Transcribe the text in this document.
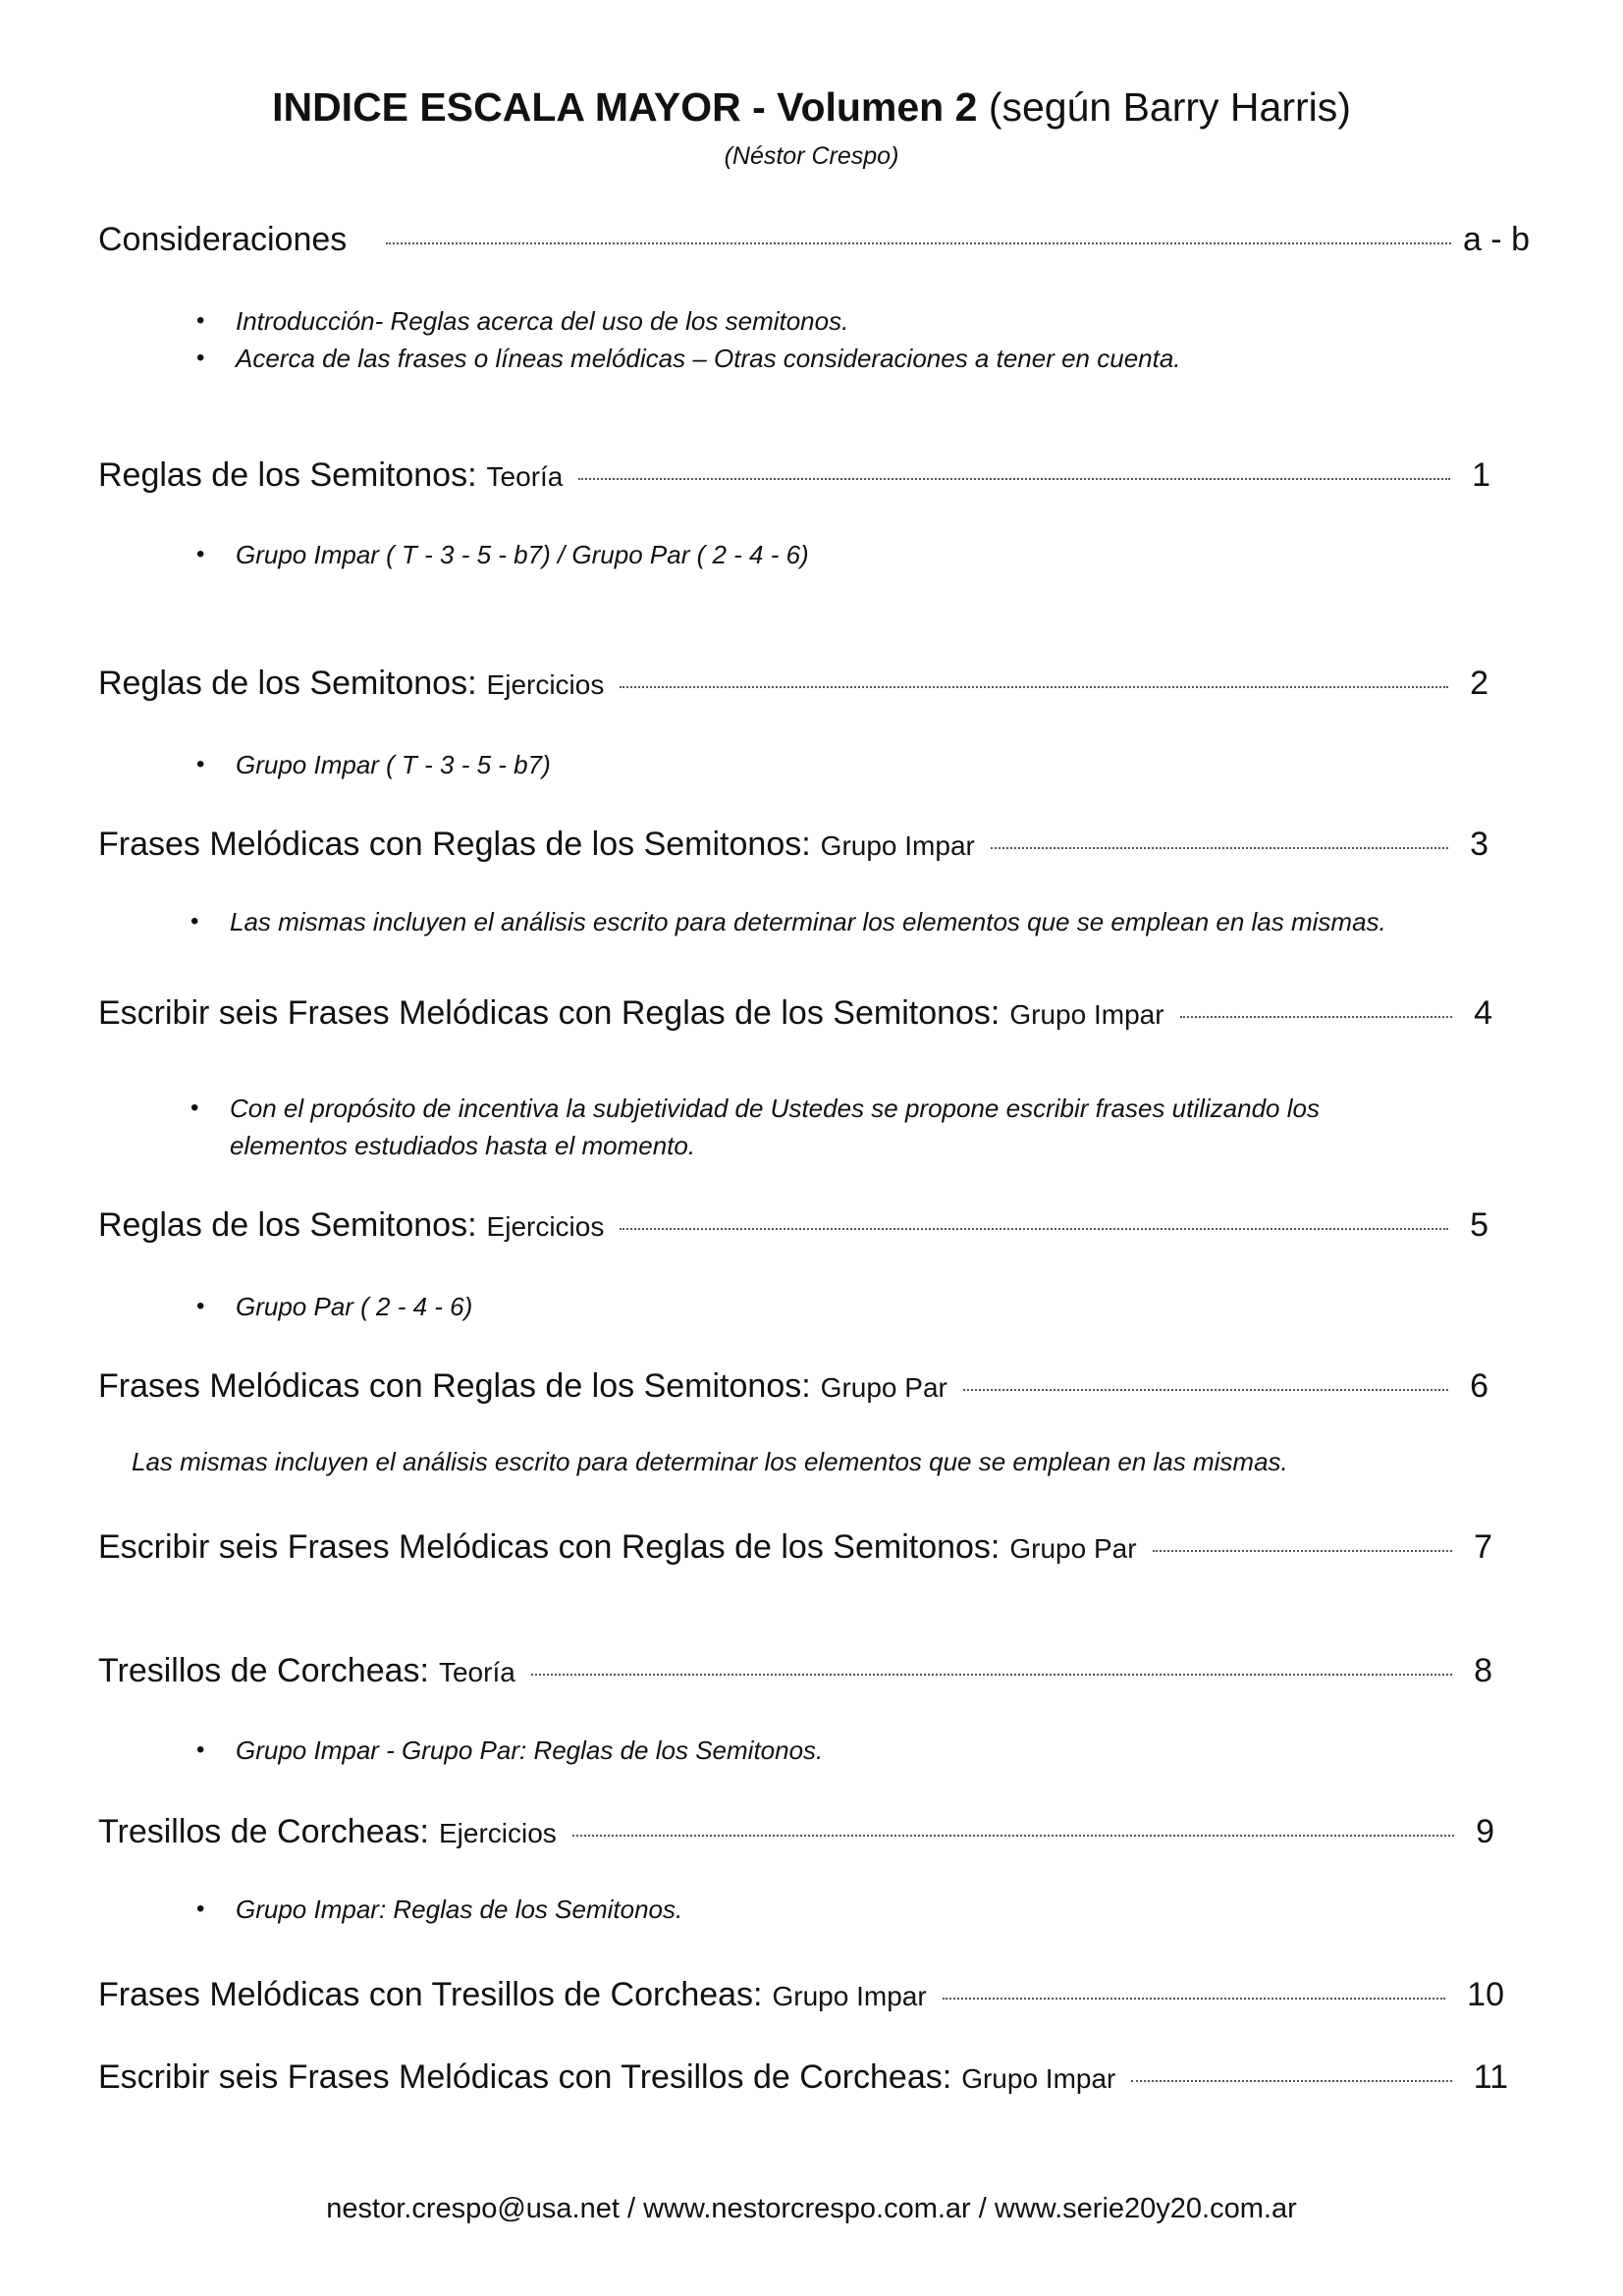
INDICE ESCALA MAYOR - Volumen 2 (según Barry Harris)
(Néstor Crespo)
Consideraciones	a - b
• Introducción- Reglas acerca del uso de los semitonos.
• Acerca de las frases o líneas melódicas – Otras consideraciones a tener en cuenta.
Reglas de los Semitonos: Teoría	1
• Grupo Impar ( T - 3 - 5 - b7) / Grupo Par ( 2 - 4 - 6)
Reglas de los Semitonos: Ejercicios	2
• Grupo Impar ( T - 3 - 5 - b7)
Frases Melódicas con Reglas de los Semitonos: Grupo Impar	3
• Las mismas incluyen el análisis escrito para determinar los elementos que se emplean en las mismas.
Escribir seis Frases Melódicas con Reglas de los Semitonos: Grupo Impar	4
• Con el propósito de incentiva la subjetividad de Ustedes se propone escribir frases utilizando los
elementos estudiados hasta el momento.
Reglas de los Semitonos: Ejercicios	5
• Grupo Par ( 2 - 4 - 6)
Frases Melódicas con Reglas de los Semitonos: Grupo Par	6
Las mismas incluyen el análisis escrito para determinar los elementos que se emplean en las mismas.
Escribir seis Frases Melódicas con Reglas de los Semitonos: Grupo Par	7
Tresillos de Corcheas: Teoría	8
• Grupo Impar - Grupo Par: Reglas de los Semitonos.
Tresillos de Corcheas: Ejercicios	9
• Grupo Impar: Reglas de los Semitonos.
Frases Melódicas con Tresillos de Corcheas: Grupo Impar	10
Escribir seis Frases Melódicas con Tresillos de Corcheas: Grupo Impar	11
nestor.crespo@usa.net / www.nestorcrespo.com.ar / www.serie20y20.com.ar
